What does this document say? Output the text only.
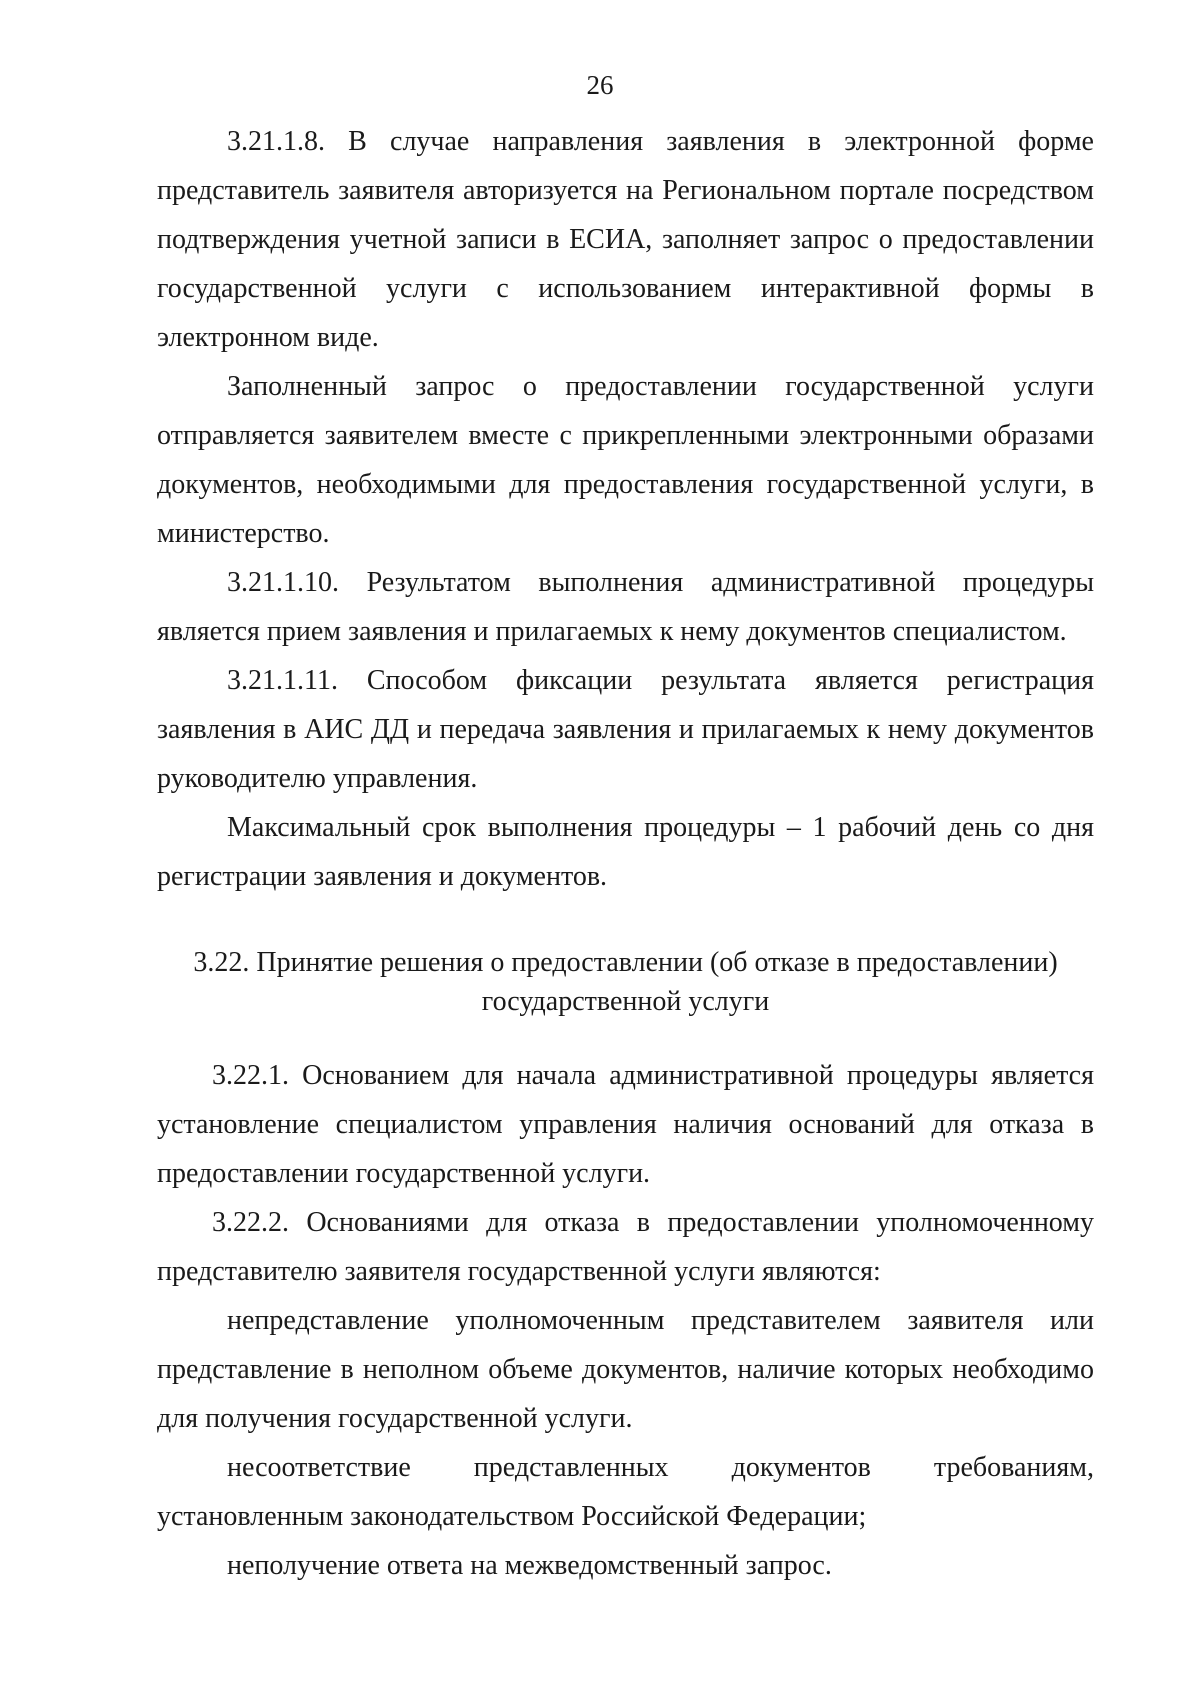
26

3.21.1.8. В случае направления заявления в электронной форме представитель заявителя авторизуется на Региональном портале посредством подтверждения учетной записи в ЕСИА, заполняет запрос о предоставлении государственной услуги с использованием интерактивной формы в электронном виде.

Заполненный запрос о предоставлении государственной услуги отправляется заявителем вместе с прикрепленными электронными образами документов, необходимыми для предоставления государственной услуги, в министерство.

3.21.1.10. Результатом выполнения административной процедуры является прием заявления и прилагаемых к нему документов специалистом.

3.21.1.11. Способом фиксации результата является регистрация заявления в АИС ДД и передача заявления и прилагаемых к нему документов руководителю управления.

Максимальный срок выполнения процедуры – 1 рабочий день со дня регистрации заявления и документов.

3.22. Принятие решения о предоставлении (об отказе в предоставлении)
государственной услуги

3.22.1. Основанием для начала административной процедуры является установление специалистом управления наличия оснований для отказа в предоставлении государственной услуги.

3.22.2. Основаниями для отказа в предоставлении уполномоченному представителю заявителя государственной услуги являются:

непредставление уполномоченным представителем заявителя или представление в неполном объеме документов, наличие которых необходимо для получения государственной услуги.

несоответствие представленных документов требованиям, установленным законодательством Российской Федерации;

неполучение ответа на межведомственный запрос.
